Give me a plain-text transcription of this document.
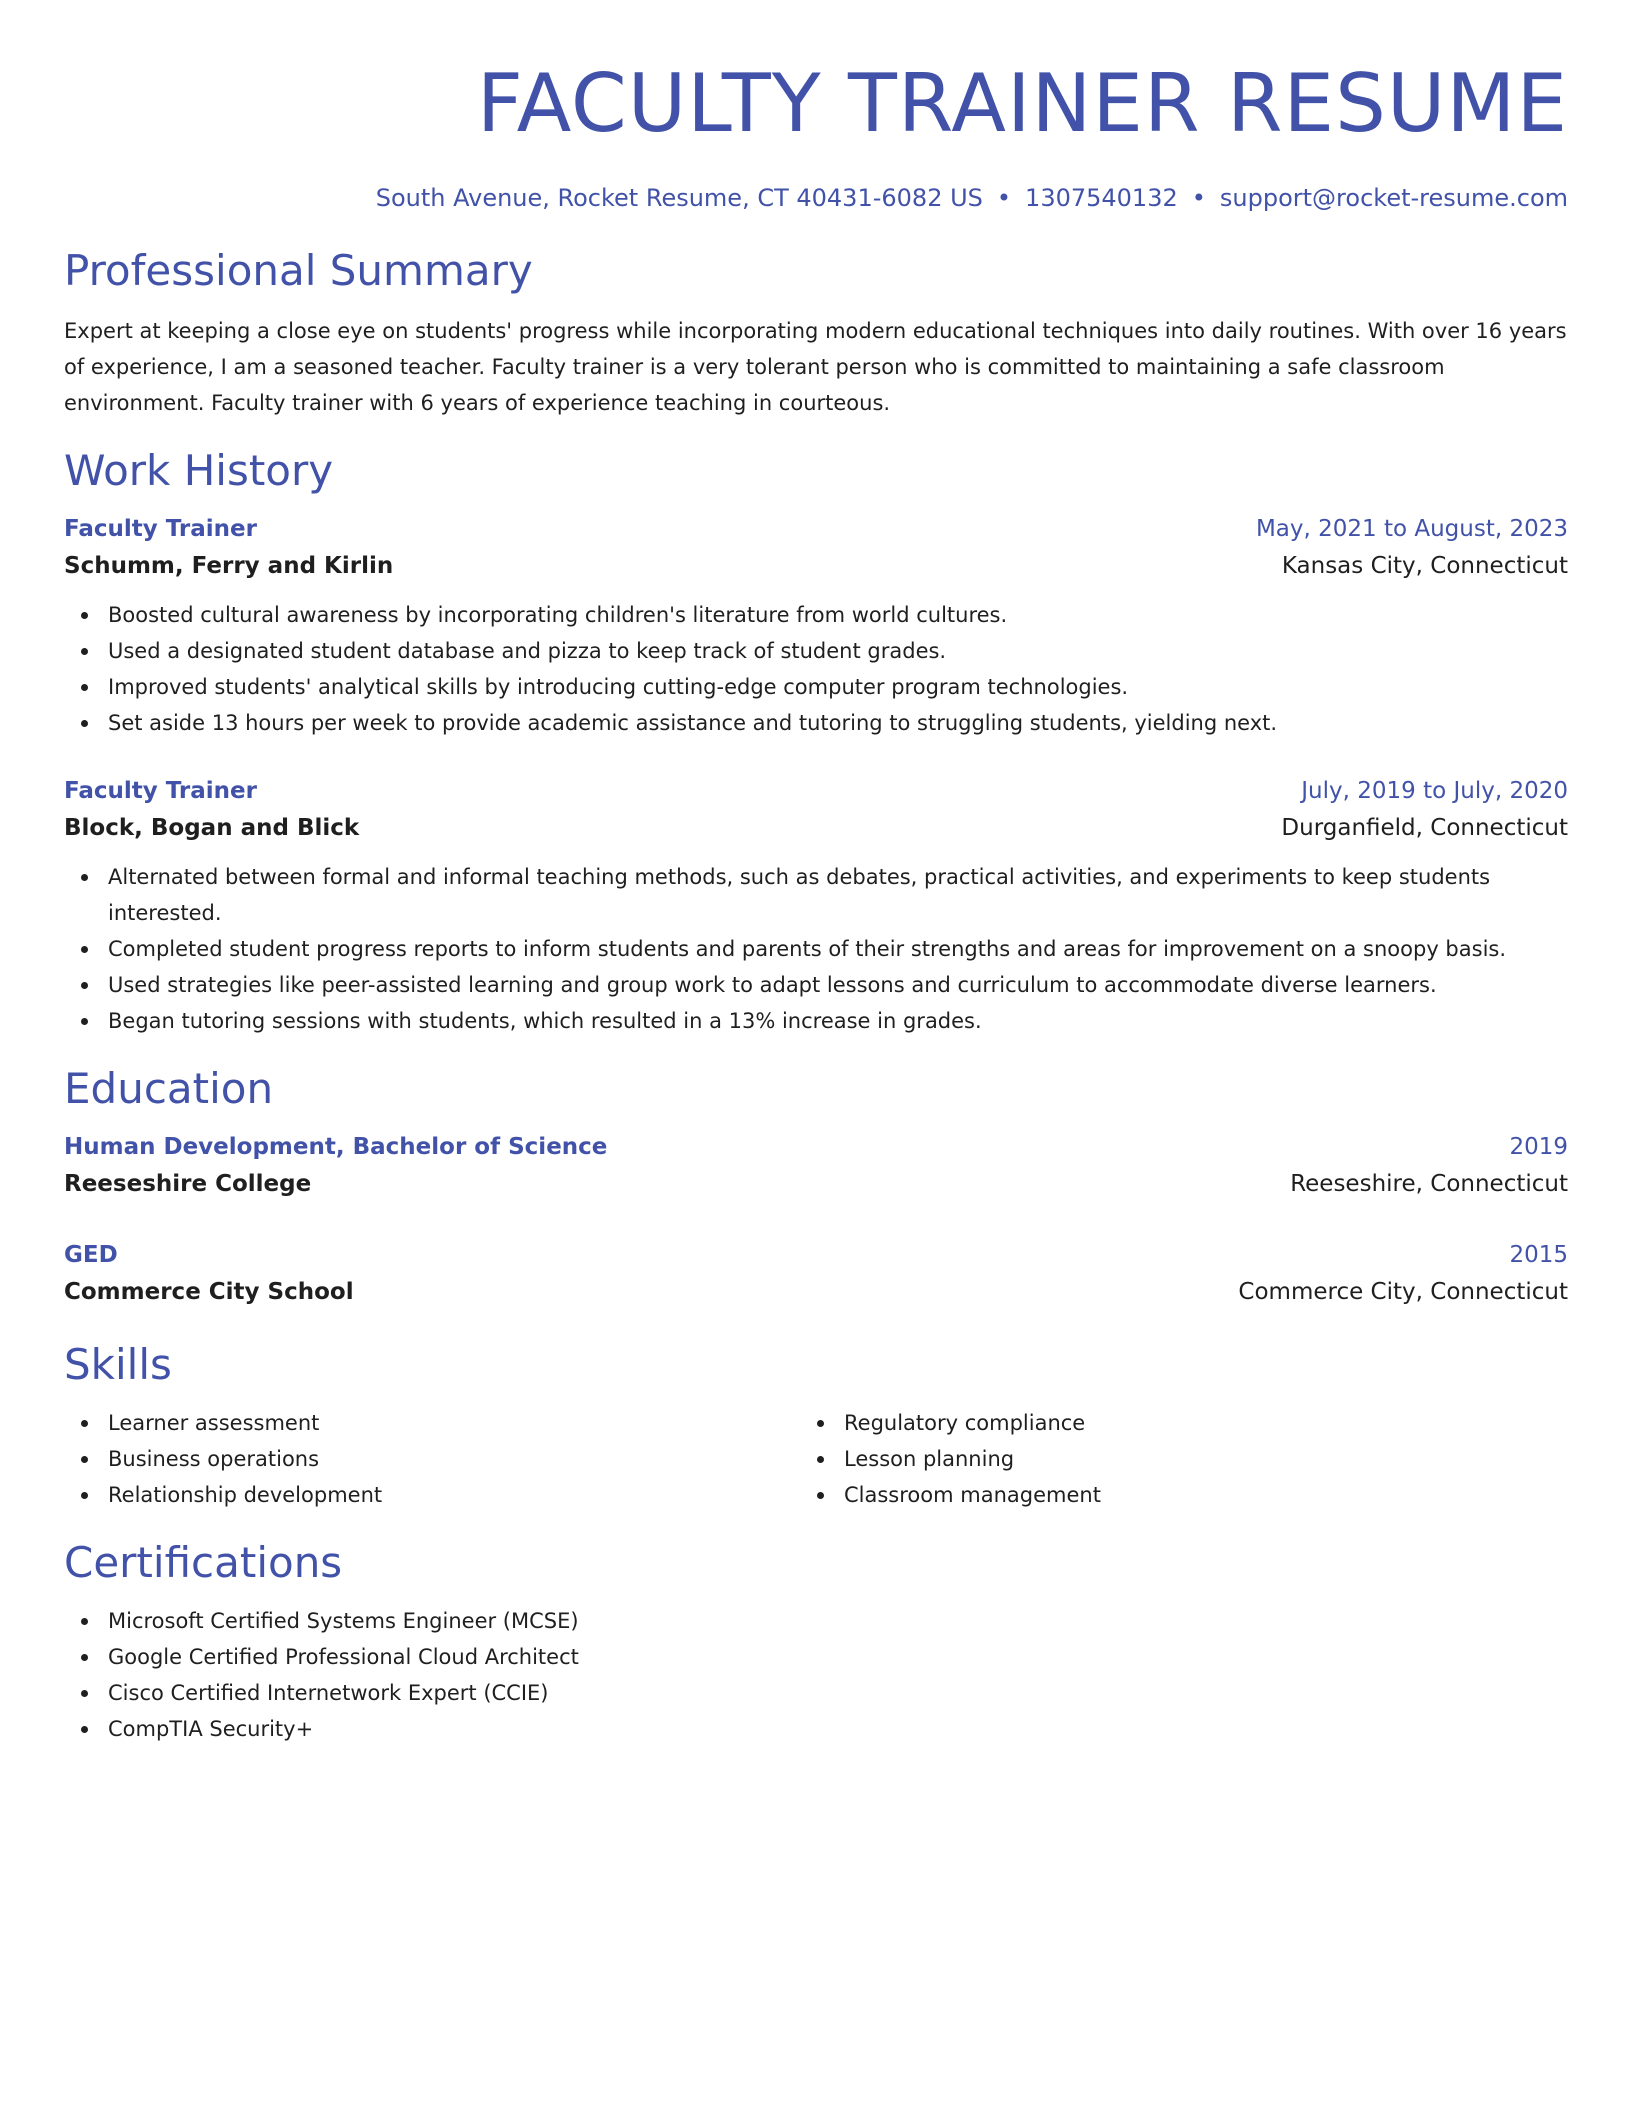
FACULTY TRAINER RESUME
South Avenue, Rocket Resume, CT 40431-6082 US • 1307540132 • support@rocket-resume.com
Professional Summary
Expert at keeping a close eye on students' progress while incorporating modern educational techniques into daily routines. With over 16 years of experience, I am a seasoned teacher. Faculty trainer is a very tolerant person who is committed to maintaining a safe classroom environment. Faculty trainer with 6 years of experience teaching in courteous.
Work History
Faculty Trainer	May, 2021 to August, 2023
Schumm, Ferry and Kirlin	Kansas City, Connecticut
Boosted cultural awareness by incorporating children's literature from world cultures.
Used a designated student database and pizza to keep track of student grades.
Improved students' analytical skills by introducing cutting-edge computer program technologies.
Set aside 13 hours per week to provide academic assistance and tutoring to struggling students, yielding next.
Faculty Trainer	July, 2019 to July, 2020
Block, Bogan and Blick	Durganfield, Connecticut
Alternated between formal and informal teaching methods, such as debates, practical activities, and experiments to keep students interested.
Completed student progress reports to inform students and parents of their strengths and areas for improvement on a snoopy basis.
Used strategies like peer-assisted learning and group work to adapt lessons and curriculum to accommodate diverse learners.
Began tutoring sessions with students, which resulted in a 13% increase in grades.
Education
Human Development, Bachelor of Science	2019
Reeseshire College	Reeseshire, Connecticut
GED	2015
Commerce City School	Commerce City, Connecticut
Skills
Learner assessment
Business operations
Relationship development
Regulatory compliance
Lesson planning
Classroom management
Certifications
Microsoft Certified Systems Engineer (MCSE)
Google Certified Professional Cloud Architect
Cisco Certified Internetwork Expert (CCIE)
CompTIA Security+
